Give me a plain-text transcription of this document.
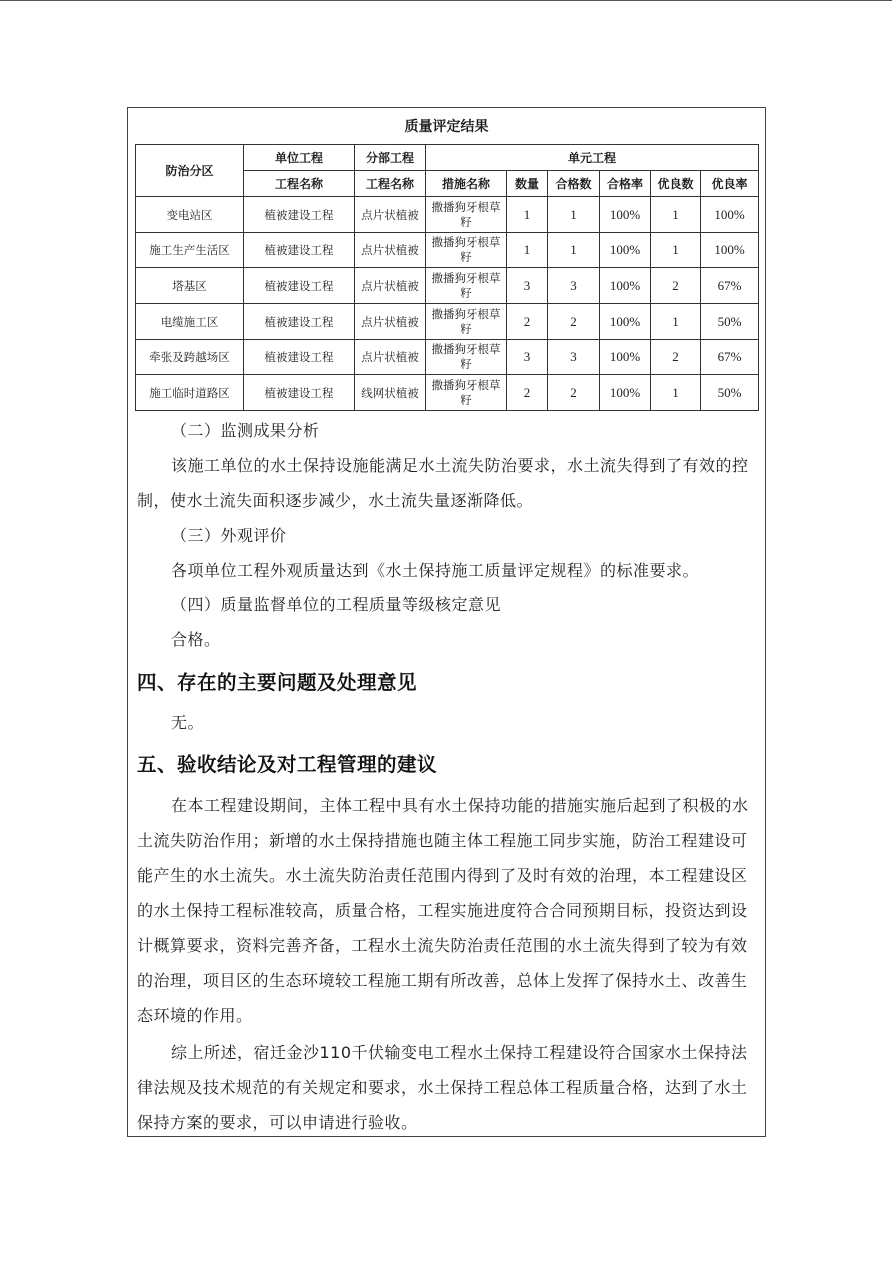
质量评定结果
防治分区	单位工程	分部工程	单元工程					
	工程名称	工程名称	措施名称	数量	合格数	合格率	优良数	优良率
变电站区	植被建设工程	点片状植被	撒播狗牙根草籽	1	1	100%	1	100%
施工生产生活区	植被建设工程	点片状植被	撒播狗牙根草籽	1	1	100%	1	100%
塔基区	植被建设工程	点片状植被	撒播狗牙根草籽	3	3	100%	2	67%
电缆施工区	植被建设工程	点片状植被	撒播狗牙根草籽	2	2	100%	1	50%
牵张及跨越场区	植被建设工程	点片状植被	撒播狗牙根草籽	3	3	100%	2	67%
施工临时道路区	植被建设工程	线网状植被	撒播狗牙根草籽	2	2	100%	1	50%
（二）监测成果分析
该施工单位的水土保持设施能满足水土流失防治要求，水土流失得到了有效的控制，使水土流失面积逐步减少，水土流失量逐渐降低。
（三）外观评价
各项单位工程外观质量达到《水土保持施工质量评定规程》的标准要求。
（四）质量监督单位的工程质量等级核定意见
合格。
四、存在的主要问题及处理意见
无。
五、验收结论及对工程管理的建议
在本工程建设期间，主体工程中具有水土保持功能的措施实施后起到了积极的水土流失防治作用；新增的水土保持措施也随主体工程施工同步实施，防治工程建设可能产生的水土流失。水土流失防治责任范围内得到了及时有效的治理，本工程建设区的水土保持工程标准较高，质量合格，工程实施进度符合合同预期目标，投资达到设计概算要求，资料完善齐备，工程水土流失防治责任范围的水土流失得到了较为有效的治理，项目区的生态环境较工程施工期有所改善，总体上发挥了保持水土、改善生态环境的作用。
综上所述，宿迁金沙110千伏输变电工程水土保持工程建设符合国家水土保持法律法规及技术规范的有关规定和要求，水土保持工程总体工程质量合格，达到了水土保持方案的要求，可以申请进行验收。
